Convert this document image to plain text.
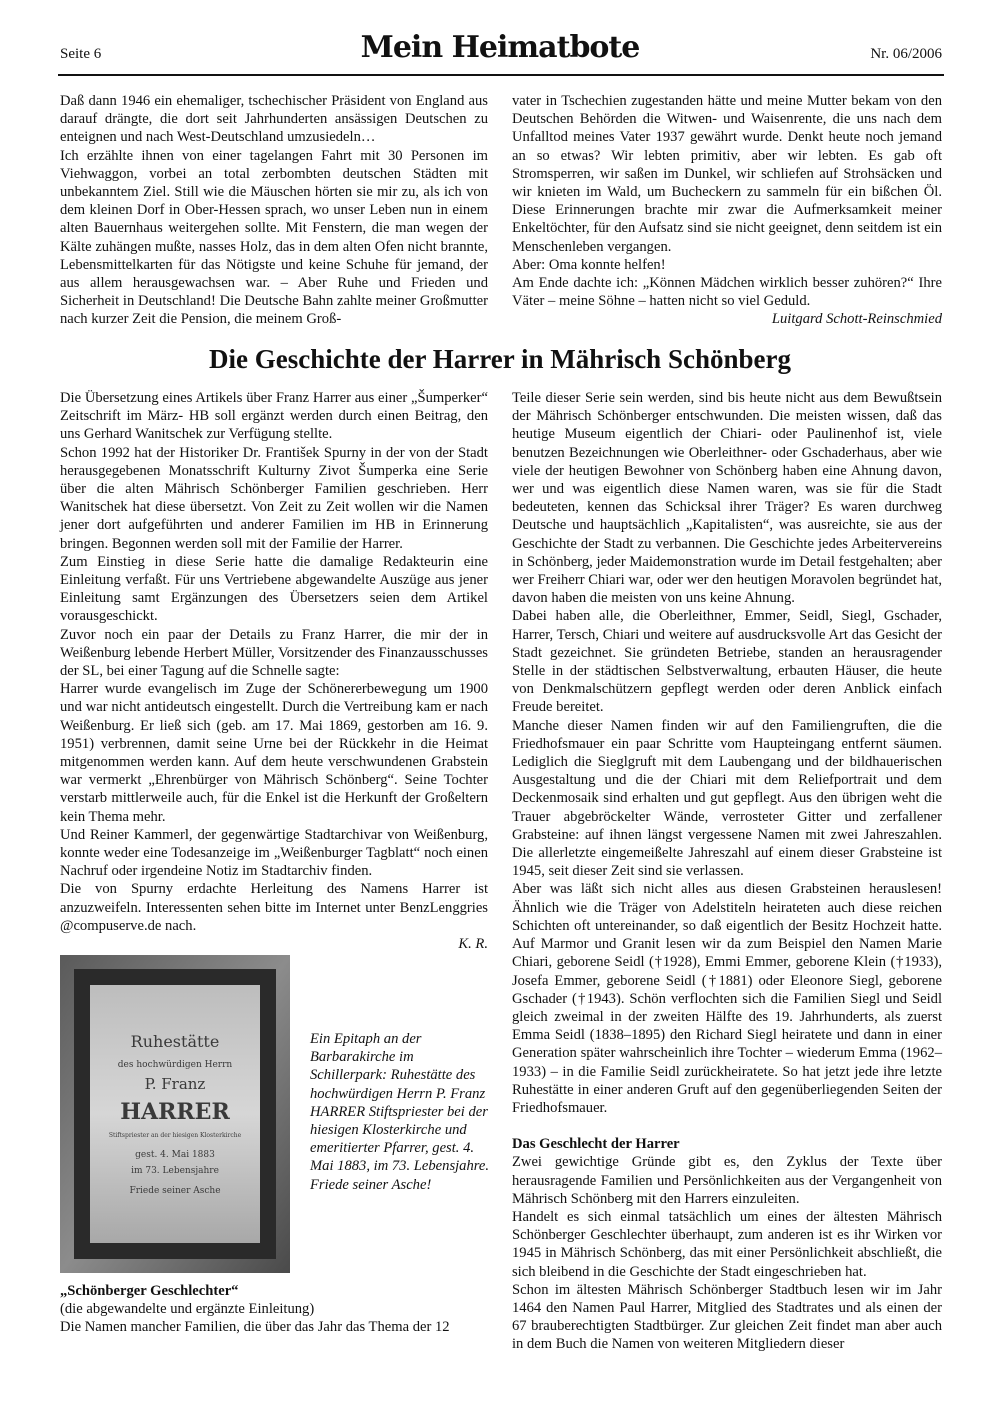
Seite 6	Mein Heimatbote	Nr. 06/2006

Daß dann 1946 ein ehemaliger, tschechischer Präsident von England aus darauf drängte, die dort seit Jahrhunderten ansässigen Deutschen zu enteignen und nach West-Deutschland umzusiedeln…

Ich erzählte ihnen von einer tagelangen Fahrt mit 30 Personen im Viehwaggon, vorbei an total zerbombten deutschen Städten mit unbekanntem Ziel. Still wie die Mäuschen hörten sie mir zu, als ich von dem kleinen Dorf in Ober-Hessen sprach, wo unser Leben nun in einem alten Bauernhaus weitergehen sollte. Mit Fenstern, die man wegen der Kälte zuhängen mußte, nasses Holz, das in dem alten Ofen nicht brannte, Lebensmittelkarten für das Nötigste und keine Schuhe für jemand, der aus allem herausgewachsen war. – Aber Ruhe und Frieden und Sicherheit in Deutschland! Die Deutsche Bahn zahlte meiner Großmutter nach kurzer Zeit die Pension, die meinem Groß-

vater in Tschechien zugestanden hätte und meine Mutter bekam von den Deutschen Behörden die Witwen- und Waisenrente, die uns nach dem Unfalltod meines Vater 1937 gewährt wurde. Denkt heute noch jemand an so etwas? Wir lebten primitiv, aber wir lebten. Es gab oft Stromsperren, wir saßen im Dunkel, wir schliefen auf Strohsäcken und wir knieten im Wald, um Bucheckern zu sammeln für ein bißchen Öl. Diese Erinnerungen brachte mir zwar die Aufmerksamkeit meiner Enkeltöchter, für den Aufsatz sind sie nicht geeignet, denn seitdem ist ein Menschenleben vergangen.

Aber: Oma konnte helfen!

Am Ende dachte ich: „Können Mädchen wirklich besser zuhören?“ Ihre Väter – meine Söhne – hatten nicht so viel Geduld.

Luitgard Schott-Reinschmied

Die Geschichte der Harrer in Mährisch Schönberg

Die Übersetzung eines Artikels über Franz Harrer aus einer „Šumperker“ Zeitschrift im März- HB soll ergänzt werden durch einen Beitrag, den uns Gerhard Wanitschek zur Verfügung stellte.

Schon 1992 hat der Historiker Dr. František Spurny in der von der Stadt herausgegebenen Monatsschrift Kulturny Zivot Šumperka eine Serie über die alten Mährisch Schönberger Familien geschrieben. Herr Wanitschek hat diese übersetzt. Von Zeit zu Zeit wollen wir die Namen jener dort aufgeführten und anderer Familien im HB in Erinnerung bringen. Begonnen werden soll mit der Familie der Harrer.

Zum Einstieg in diese Serie hatte die damalige Redakteurin eine Einleitung verfaßt. Für uns Vertriebene abgewandelte Auszüge aus jener Einleitung samt Ergänzungen des Übersetzers seien dem Artikel vorausgeschickt.

Zuvor noch ein paar der Details zu Franz Harrer, die mir der in Weißenburg lebende Herbert Müller, Vorsitzender des Finanzausschusses der SL, bei einer Tagung auf die Schnelle sagte:

Harrer wurde evangelisch im Zuge der Schönererbewegung um 1900 und war nicht antideutsch eingestellt. Durch die Vertreibung kam er nach Weißenburg. Er ließ sich (geb. am 17. Mai 1869, gestorben am 16. 9. 1951) verbrennen, damit seine Urne bei der Rückkehr in die Heimat mitgenommen werden kann. Auf dem heute verschwundenen Grabstein war vermerkt „Ehrenbürger von Mährisch Schönberg“. Seine Tochter verstarb mittlerweile auch, für die Enkel ist die Herkunft der Großeltern kein Thema mehr.

Und Reiner Kammerl, der gegenwärtige Stadtarchivar von Weißenburg, konnte weder eine Todesanzeige im „Weißenburger Tagblatt“ noch einen Nachruf oder irgendeine Notiz im Stadtarchiv finden.

Die von Spurny erdachte Herleitung des Namens Harrer ist anzuzweifeln. Interessenten sehen bitte im Internet unter BenzLenggries @compuserve.de nach.

K. R.

Ruhestätte
des hochwürdigen Herrn
P. Franz
HARRER
Stiftspriester an der hiesigen Klosterkirche
gest. 4. Mai 1883
im 73. Lebensjahre
Friede seiner Asche
Ein Epitaph an der Barbarakirche im Schillerpark: Ruhestätte des hochwürdigen Herrn P. Franz HARRER Stiftspriester bei der hiesigen Klosterkirche und emeritierter Pfarrer, gest. 4. Mai 1883, im 73. Lebensjahre. Friede seiner Asche!

„Schönberger Geschlechter“

(die abgewandelte und ergänzte Einleitung)

Die Namen mancher Familien, die über das Jahr das Thema der 12

Teile dieser Serie sein werden, sind bis heute nicht aus dem Bewußtsein der Mährisch Schönberger entschwunden. Die meisten wissen, daß das heutige Museum eigentlich der Chiari- oder Paulinenhof ist, viele benutzen Bezeichnungen wie Oberleithner- oder Gschaderhaus, aber wie viele der heutigen Bewohner von Schönberg haben eine Ahnung davon, wer und was eigentlich diese Namen waren, was sie für die Stadt bedeuteten, kennen das Schicksal ihrer Träger? Es waren durchweg Deutsche und hauptsächlich „Kapitalisten“, was ausreichte, sie aus der Geschichte der Stadt zu verbannen. Die Geschichte jedes Arbeitervereins in Schönberg, jeder Maidemonstration wurde im Detail festgehalten; aber wer Freiherr Chiari war, oder wer den heutigen Moravolen begründet hat, davon haben die meisten von uns keine Ahnung.

Dabei haben alle, die Oberleithner, Emmer, Seidl, Siegl, Gschader, Harrer, Tersch, Chiari und weitere auf ausdrucksvolle Art das Gesicht der Stadt gezeichnet. Sie gründeten Betriebe, standen an herausragender Stelle in der städtischen Selbstverwaltung, erbauten Häuser, die heute von Denkmalschützern gepflegt werden oder deren Anblick einfach Freude bereitet.

Manche dieser Namen finden wir auf den Familiengruften, die die Friedhofsmauer ein paar Schritte vom Haupteingang entfernt säumen. Lediglich die Sieglgruft mit dem Laubengang und der bildhauerischen Ausgestaltung und die der Chiari mit dem Reliefportrait und dem Deckenmosaik sind erhalten und gut gepflegt. Aus den übrigen weht die Trauer abgebröckelter Wände, verrosteter Gitter und zerfallener Grabsteine: auf ihnen längst vergessene Namen mit zwei Jahreszahlen. Die allerletzte eingemeißelte Jahreszahl auf einem dieser Grabsteine ist 1945, seit dieser Zeit sind sie verlassen.

Aber was läßt sich nicht alles aus diesen Grabsteinen herauslesen! Ähnlich wie die Träger von Adelstiteln heirateten auch diese reichen Schichten oft untereinander, so daß eigentlich der Besitz Hochzeit hatte. Auf Marmor und Granit lesen wir da zum Beispiel den Namen Marie Chiari, geborene Seidl (†1928), Emmi Emmer, geborene Klein (†1933), Josefa Emmer, geborene Seidl (†1881) oder Eleonore Siegl, geborene Gschader (†1943). Schön verflochten sich die Familien Siegl und Seidl gleich zweimal in der zweiten Hälfte des 19. Jahrhunderts, als zuerst Emma Seidl (1838–1895) den Richard Siegl heiratete und dann in einer Generation später wahrscheinlich ihre Tochter – wiederum Emma (1962–1933) – in die Familie Seidl zurückheiratete. So hat jetzt jede ihre letzte Ruhestätte in einer anderen Gruft auf den gegenüberliegenden Seiten der Friedhofsmauer.

Das Geschlecht der Harrer

Zwei gewichtige Gründe gibt es, den Zyklus der Texte über herausragende Familien und Persönlichkeiten aus der Vergangenheit von Mährisch Schönberg mit den Harrers einzuleiten.

Handelt es sich einmal tatsächlich um eines der ältesten Mährisch Schönberger Geschlechter überhaupt, zum anderen ist es ihr Wirken vor 1945 in Mährisch Schönberg, das mit einer Persönlichkeit abschließt, die sich bleibend in die Geschichte der Stadt eingeschrieben hat.

Schon im ältesten Mährisch Schönberger Stadtbuch lesen wir im Jahr 1464 den Namen Paul Harrer, Mitglied des Stadtrates und als einen der 67 brauberechtigten Stadtbürger. Zur gleichen Zeit findet man aber auch in dem Buch die Namen von weiteren Mitgliedern dieser
